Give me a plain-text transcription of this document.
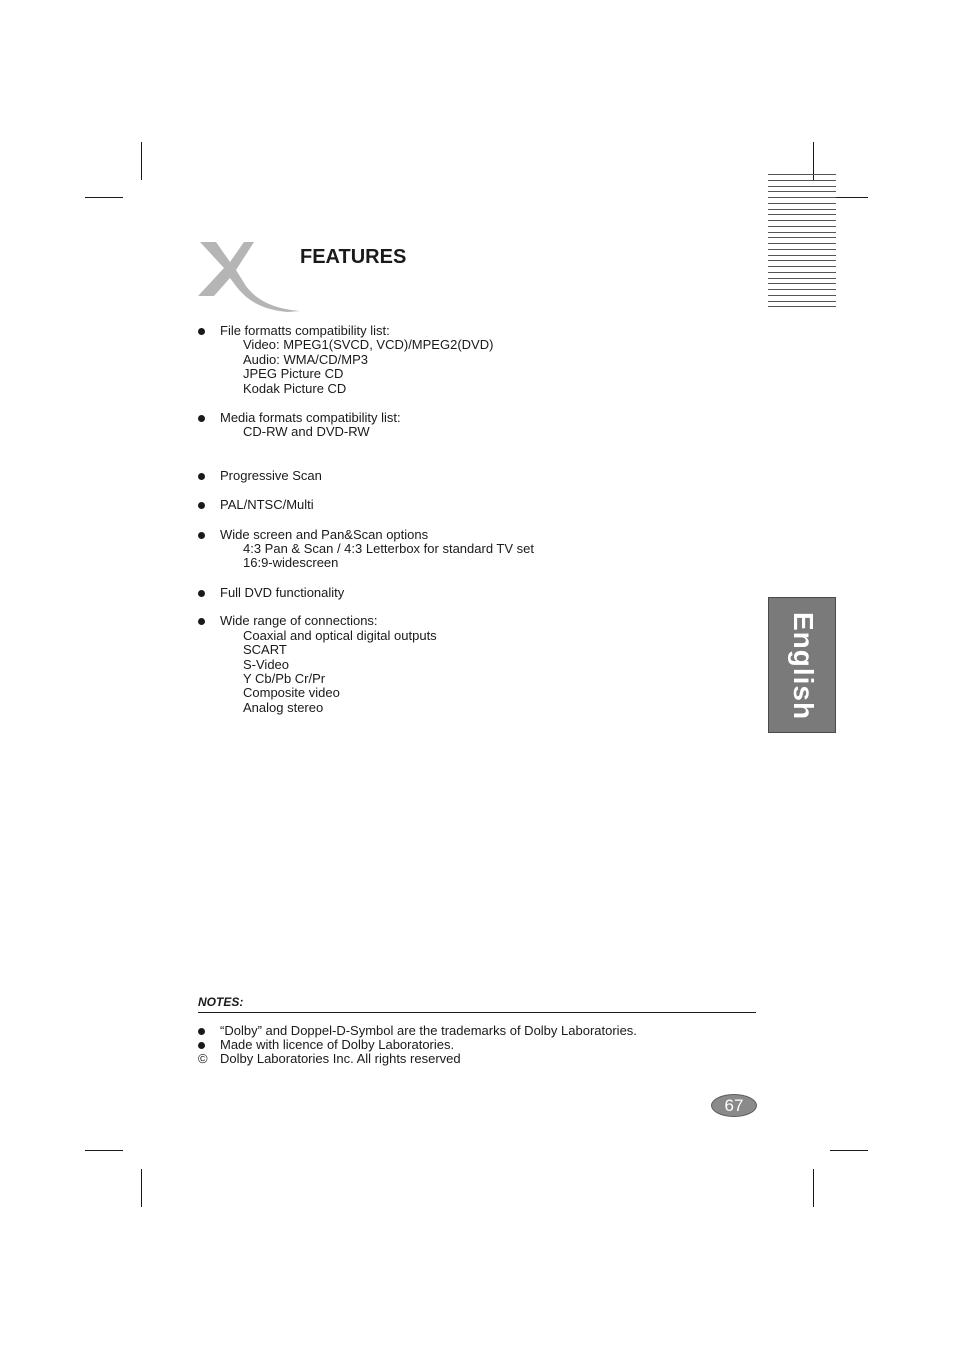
English
FEATURES
File formatts compatibility list:
Video: MPEG1(SVCD, VCD)/MPEG2(DVD)
Audio: WMA/CD/MP3
JPEG Picture CD
Kodak Picture CD
Media formats compatibility list:
CD-RW and DVD-RW
Progressive Scan
PAL/NTSC/Multi
Wide screen and Pan&Scan options
4:3 Pan & Scan / 4:3 Letterbox for standard TV set
16:9-widescreen
Full DVD functionality
Wide range of connections:
Coaxial and optical digital outputs
SCART
S-Video
Y Cb/Pb Cr/Pr
Composite video
Analog stereo
NOTES:
“Dolby” and Doppel-D-Symbol are the trademarks of Dolby Laboratories.
Made with licence of Dolby Laboratories.
© Dolby Laboratories Inc. All rights reserved
67
